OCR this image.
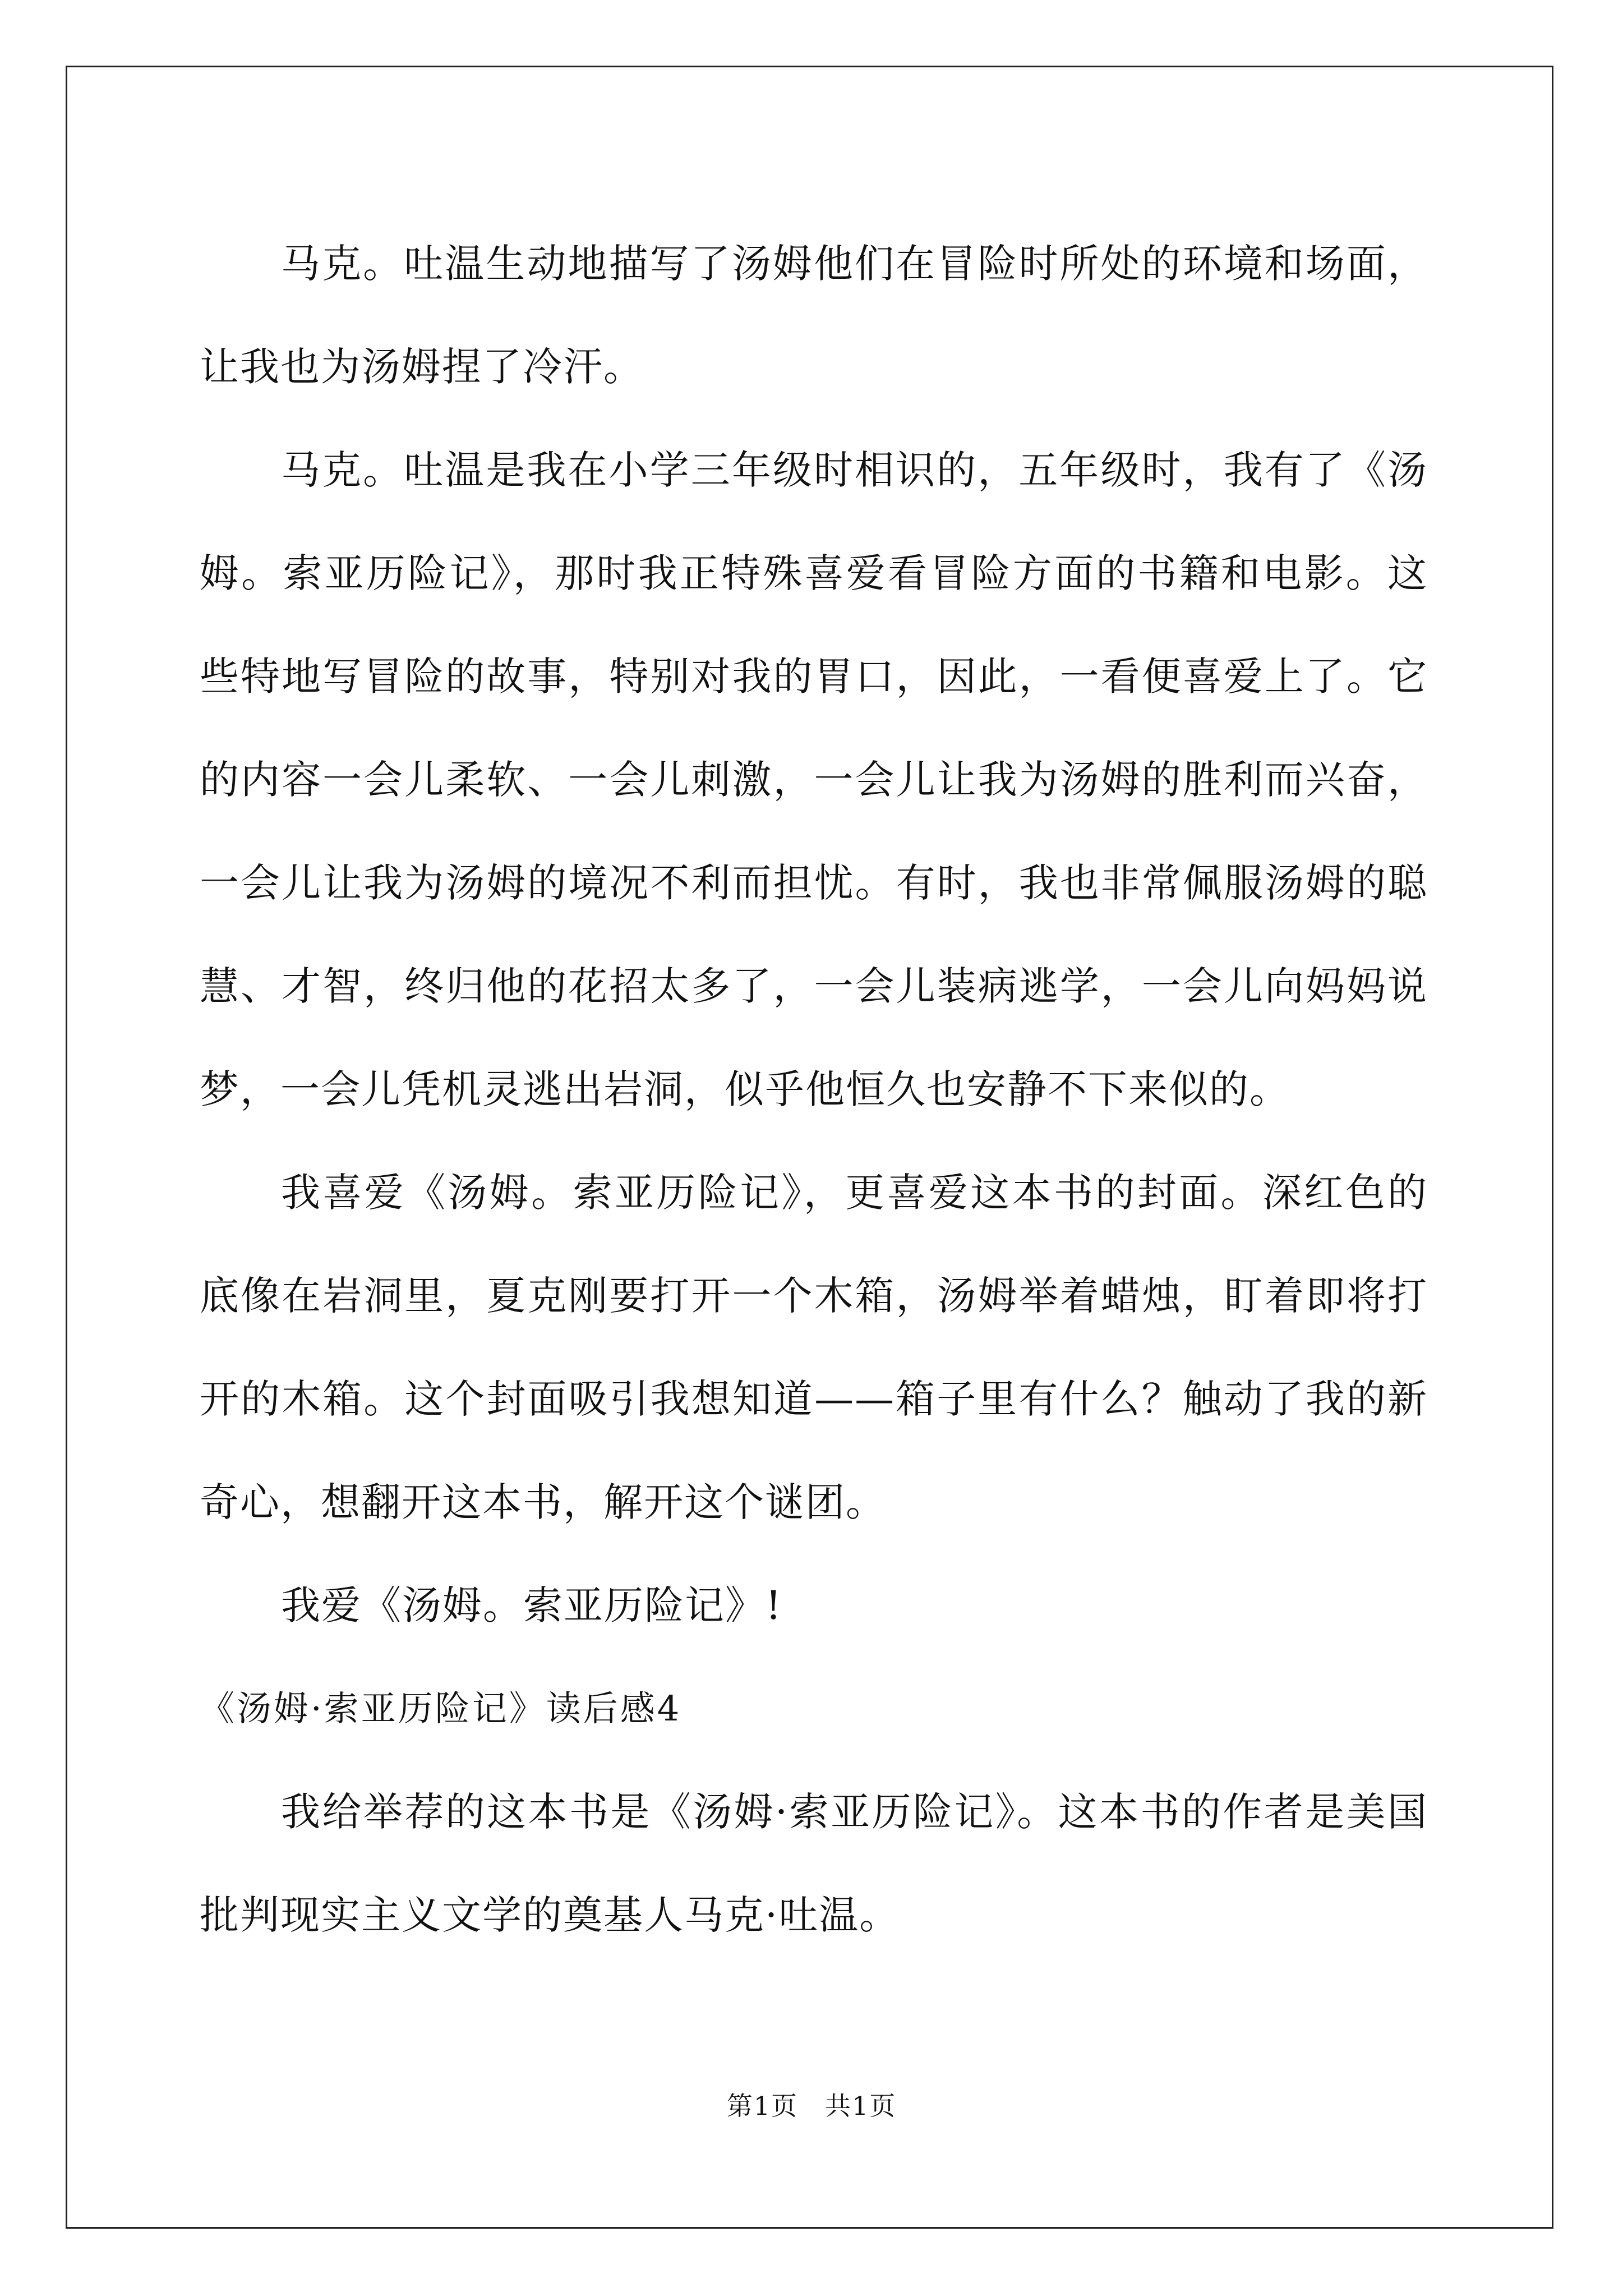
马克。吐温生动地描写了汤姆他们在冒险时所处的环境和场面，让我也为汤姆捏了冷汗。

马克。吐温是我在小学三年级时相识的，五年级时，我有了《汤姆。索亚历险记》，那时我正特殊喜爱看冒险方面的书籍和电影。这些特地写冒险的故事，特别对我的胃口，因此，一看便喜爱上了。它的内容一会儿柔软、一会儿刺激，一会儿让我为汤姆的胜利而兴奋，一会儿让我为汤姆的境况不利而担忧。有时，我也非常佩服汤姆的聪慧、才智，终归他的花招太多了，一会儿装病逃学，一会儿向妈妈说梦，一会儿凭机灵逃出岩洞，似乎他恒久也安静不下来似的。

我喜爱《汤姆。索亚历险记》，更喜爱这本书的封面。深红色的底像在岩洞里，夏克刚要打开一个木箱，汤姆举着蜡烛，盯着即将打开的木箱。这个封面吸引我想知道——箱子里有什么？触动了我的新奇心，想翻开这本书，解开这个谜团。

我爱《汤姆。索亚历险记》!

《汤姆·索亚历险记》读后感4

我给举荐的这本书是《汤姆·索亚历险记》。这本书的作者是美国批判现实主义文学的奠基人马克·吐温。

第1页 共1页
